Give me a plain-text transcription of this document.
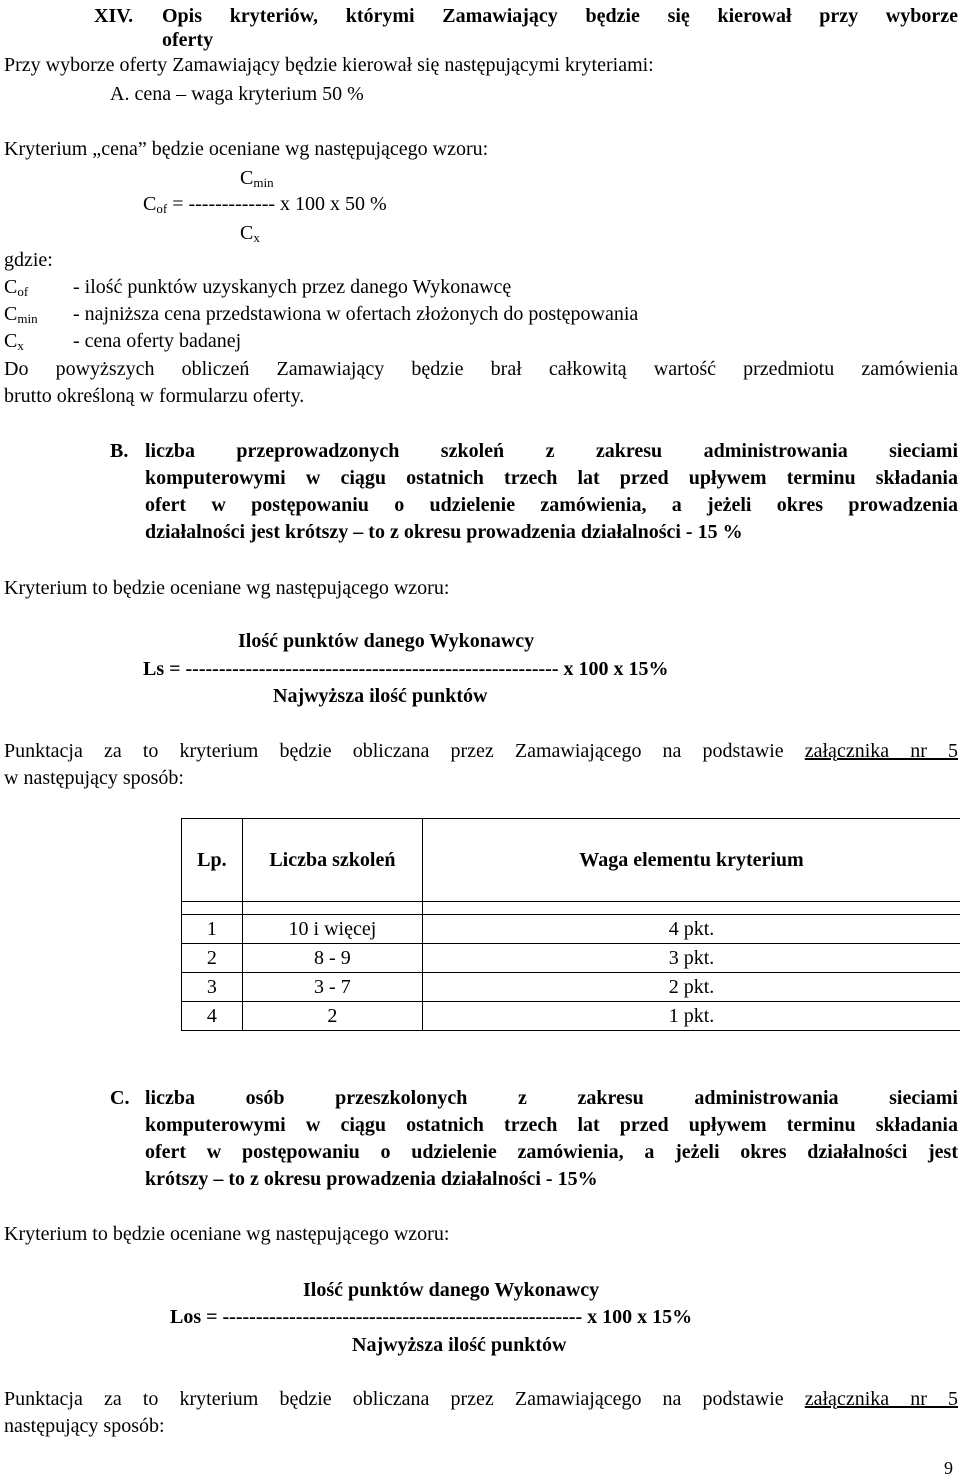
XIV. Opis kryteriów, którymi Zamawiający będzie się kierował przy wyborze
oferty
Przy wyborze oferty Zamawiający będzie kierował się następującymi kryteriami:
A. cena – waga kryterium 50 %
Kryterium „cena” będzie oceniane wg następującego wzoru:
$C_{min}$
$C_{of}$ = ------------- x 100 x 50 %
$C_x$
gdzie:
$C_{of}$ - ilość punktów uzyskanych przez danego Wykonawcę
$C_{min}$ - najniższa cena przedstawiona w ofertach złożonych do postępowania
$C_x$ - cena oferty badanej
Do powyższych obliczeń Zamawiający będzie brał całkowitą wartość przedmiotu zamówienia
brutto określoną w formularzu oferty.
B. liczba przeprowadzonych szkoleń z zakresu administrowania sieciami
komputerowymi w ciągu ostatnich trzech lat przed upływem terminu składania
ofert w postępowaniu o udzielenie zamówienia, a jeżeli okres prowadzenia
działalności jest krótszy – to z okresu prowadzenia działalności - 15 %
Kryterium to będzie oceniane wg następującego wzoru:
Ilość punktów danego Wykonawcy
Ls = -------------------------------------------------------- x 100 x 15%
Najwyższa ilość punktów
Punktacja za to kryterium będzie obliczana przez Zamawiającego na podstawie załącznika nr 5
w następujący sposób:
Lp.	Liczba szkoleń	Waga elementu kryterium

1	10 i więcej	4 pkt.
2	8 - 9	3 pkt.
3	3 - 7	2 pkt.
4	2	1 pkt.
C. liczba osób przeszkolonych z zakresu administrowania sieciami
komputerowymi w ciągu ostatnich trzech lat przed upływem terminu składania
ofert w postępowaniu o udzielenie zamówienia, a jeżeli okres działalności jest
krótszy – to z okresu prowadzenia działalności - 15%
Kryterium to będzie oceniane wg następującego wzoru:
Ilość punktów danego Wykonawcy
Los = ------------------------------------------------------ x 100 x 15%
Najwyższa ilość punktów
Punktacja za to kryterium będzie obliczana przez Zamawiającego na podstawie załącznika nr 5
następujący sposób:
9
